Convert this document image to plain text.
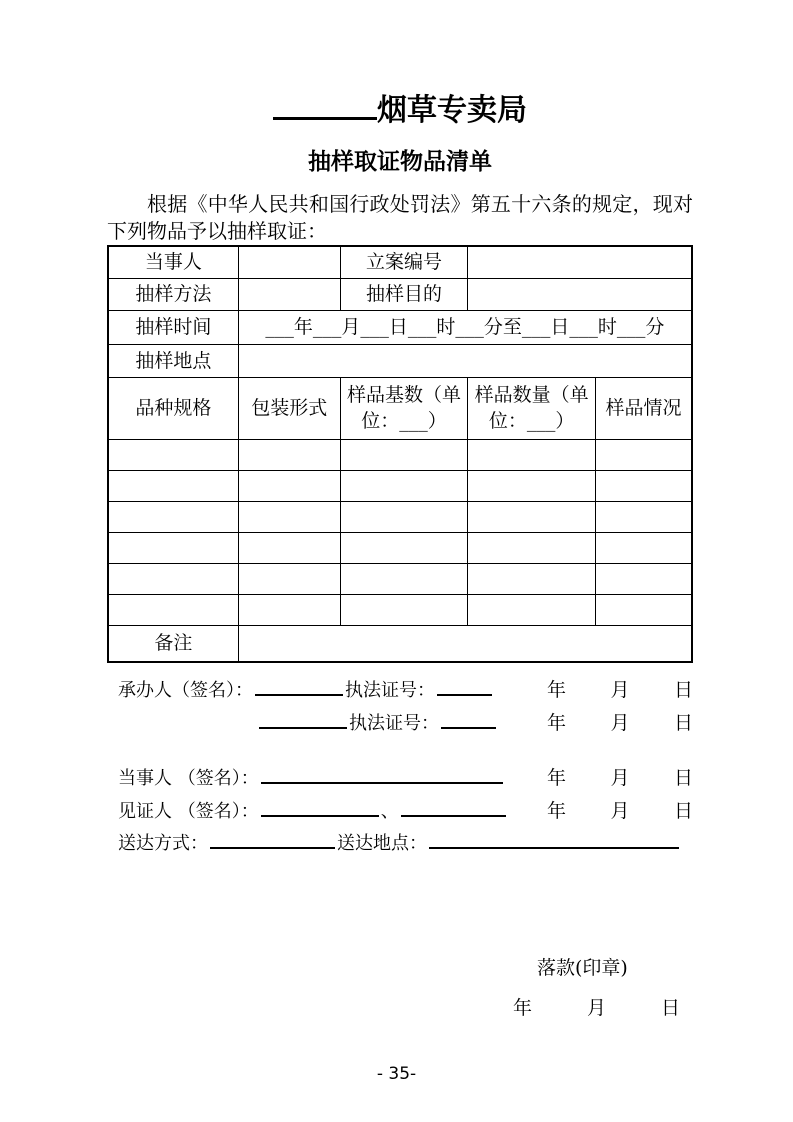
烟草专卖局
抽样取证物品清单

根据《中华人民共和国行政处罚法》第五十六条的规定，现对下列物品予以抽样取证：

当事人		立案编号		
抽样方法		抽样目的		
抽样时间	___年___月___日___时___分至___日___时___分			
抽样地点				
品种规格	包装形式	样品基数（单位：___）	样品数量（单位：___）	样品情况

备注				
承办人（签名）：	执法证号：	年 月 日
执法证号：	年 月 日
当事人 （签名）：	年 月 日
见证人 （签名）：	、	年 月 日
送达方式：	送达地点：
落款(印章)
年	月	日
- 35-
